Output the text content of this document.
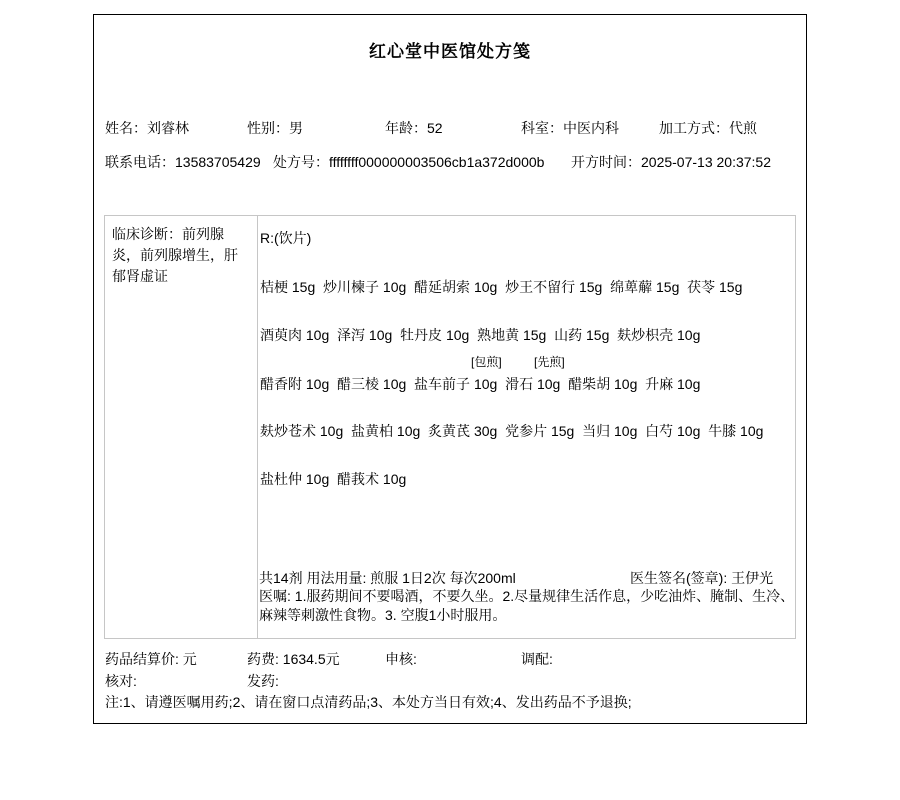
红心堂中医馆处方笺
姓名：刘睿林	性别：男	年龄：52	科室：中医内科	加工方式：代煎
联系电话：13583705429 处方号：ffffffff000000003506cb1a372d000b 开方时间：2025-07-13 20:37:52
临床诊断：前列腺炎，前列腺增生，肝郁肾虚证
R:(饮片)
桔梗 15g  炒川楝子 10g  醋延胡索 10g  炒王不留行 15g  绵萆薢 15g  茯苓 15g
酒萸肉 10g  泽泻 10g  牡丹皮 10g  熟地黄 15g  山药 15g  麸炒枳壳 10g
[包煎]	[先煎]
醋香附 10g  醋三棱 10g  盐车前子 10g  滑石 10g  醋柴胡 10g  升麻 10g
麸炒苍术 10g  盐黄柏 10g  炙黄芪 30g  党参片 15g  当归 10g  白芍 10g  牛膝 10g
盐杜仲 10g  醋莪术 10g
共14剂 用法用量: 煎服 1日2次 每次200ml	医生签名(签章): 王伊光
医嘱: 1.服药期间不要喝酒，不要久坐。2.尽量规律生活作息，少吃油炸、腌制、生冷、麻辣等刺激性食物。3. 空腹1小时服用。
药品结算价: 元	药费: 1634.5元	申核:	调配:
核对:	发药:
注:1、请遵医嘱用药;2、请在窗口点清药品;3、本处方当日有效;4、发出药品不予退换;
